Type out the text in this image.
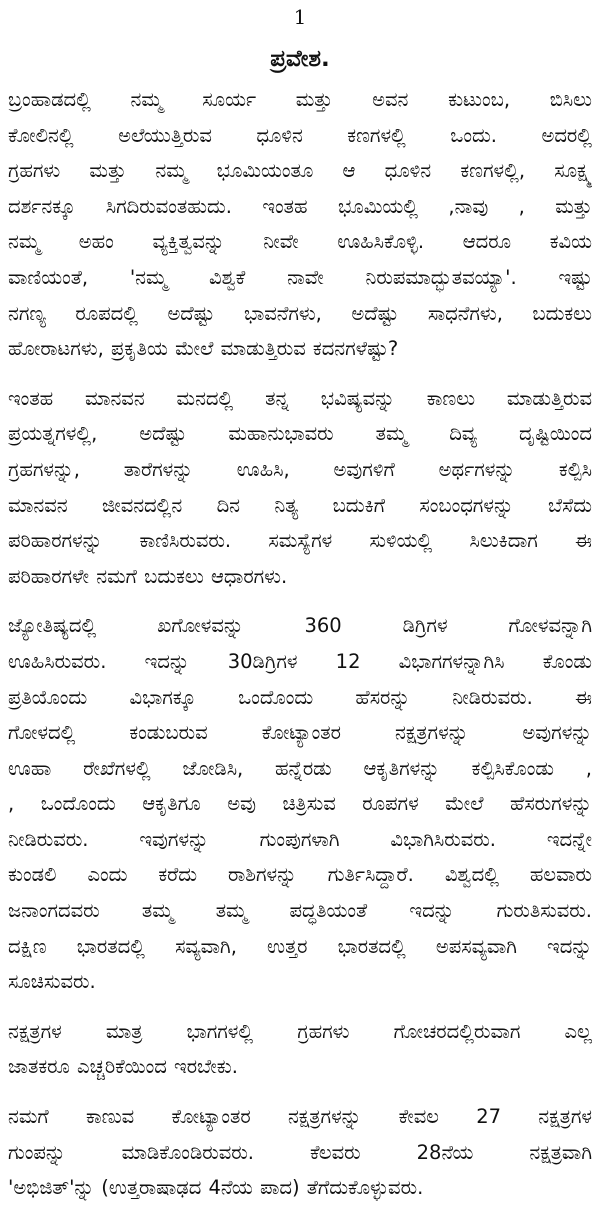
1
ಪ್ರವೇಶ.
ಬ್ರಂಹಾಡದಲ್ಲಿ ನಮ್ಮ ಸೂರ್ಯ ಮತ್ತು ಅವನ ಕುಟುಂಬ, ಬಿಸಿಲು
ಕೋಲಿನಲ್ಲಿ ಅಲೆಯುತ್ತಿರುವ ಧೂಳಿನ ಕಣಗಳಲ್ಲಿ ಒಂದು. ಅದರಲ್ಲಿ
ಗ್ರಹಗಳು ಮತ್ತು ನಮ್ಮ ಭೂಮಿಯಂತೂ ಆ ಧೂಳಿನ ಕಣಗಳಲ್ಲಿ, ಸೂಕ್ಷ್ಮ
ದರ್ಶನಕ್ಕೂ ಸಿಗದಿರುವಂತಹುದು. ಇಂತಹ ಭೂಮಿಯಲ್ಲಿ ,ನಾವು , ಮತ್ತು
ನಮ್ಮ ಅಹಂ ವ್ಯಕ್ತಿತ್ವವನ್ನು ನೀವೇ ಊಹಿಸಿಕೊಳ್ಳಿ. ಆದರೂ ಕವಿಯ
ವಾಣಿಯಂತೆ, 'ನಮ್ಮ ವಿಶ್ವಕೆ ನಾವೇ ನಿರುಪಮಾದ್ಭುತವಯ್ಯಾ'. ಇಷ್ಟು
ನಗಣ್ಯ ರೂಪದಲ್ಲಿ ಅದೆಷ್ಟು ಭಾವನೆಗಳು, ಅದೆಷ್ಟು ಸಾಧನೆಗಳು, ಬದುಕಲು
ಹೋರಾಟಗಳು, ಪ್ರಕೃತಿಯ ಮೇಲೆ ಮಾಡುತ್ತಿರುವ ಕದನಗಳೆಷ್ಟು?
ಇಂತಹ ಮಾನವನ ಮನದಲ್ಲಿ ತನ್ನ ಭವಿಷ್ಯವನ್ನು ಕಾಣಲು ಮಾಡುತ್ತಿರುವ
ಪ್ರಯತ್ನಗಳಲ್ಲಿ, ಅದೆಷ್ಟು ಮಹಾನುಭಾವರು ತಮ್ಮ ದಿವ್ಯ ದೃಷ್ಟಿಯಿಂದ
ಗ್ರಹಗಳನ್ನು, ತಾರೆಗಳನ್ನು ಊಹಿಸಿ, ಅವುಗಳಿಗೆ ಅರ್ಥಗಳನ್ನು ಕಲ್ಪಿಸಿ
ಮಾನವನ ಜೀವನದಲ್ಲಿನ ದಿನ ನಿತ್ಯ ಬದುಕಿಗೆ ಸಂಬಂಧಗಳನ್ನು ಬೆಸೆದು
ಪರಿಹಾರಗಳನ್ನು ಕಾಣಿಸಿರುವರು. ಸಮಸ್ಯೆಗಳ ಸುಳಿಯಲ್ಲಿ ಸಿಲುಕಿದಾಗ ಈ
ಪರಿಹಾರಗಳೇ ನಮಗೆ ಬದುಕಲು ಆಧಾರಗಳು.
ಜ್ಯೋತಿಷ್ಯದಲ್ಲಿ ಖಗೋಳವನ್ನು 360 ಡಿಗ್ರಿಗಳ ಗೋಳವನ್ನಾಗಿ
ಊಹಿಸಿರುವರು. ಇದನ್ನು 30ಡಿಗ್ರಿಗಳ 12 ವಿಭಾಗಗಳನ್ನಾಗಿಸಿ ಕೊಂಡು
ಪ್ರತಿಯೊಂದು ವಿಭಾಗಕ್ಕೂ ಒಂದೊಂದು ಹೆಸರನ್ನು ನೀಡಿರುವರು. ಈ
ಗೋಳದಲ್ಲಿ ಕಂಡುಬರುವ ಕೋಟ್ಯಾಂತರ ನಕ್ಷತ್ರಗಳನ್ನು ಅವುಗಳನ್ನು
ಊಹಾ ರೇಖೆಗಳಲ್ಲಿ ಜೋಡಿಸಿ, ಹನ್ನೆರಡು ಆಕೃತಿಗಳನ್ನು ಕಲ್ಪಿಸಿಕೊಂಡು ,
, ಒಂದೊಂದು ಆಕೃತಿಗೂ ಅವು ಚಿತ್ರಿಸುವ ರೂಪಗಳ ಮೇಲೆ ಹೆಸರುಗಳನ್ನು
ನೀಡಿರುವರು. ಇವುಗಳನ್ನು ಗುಂಪುಗಳಾಗಿ ವಿಭಾಗಿಸಿರುವರು. ಇದನ್ನೇ
ಕುಂಡಲಿ ಎಂದು ಕರೆದು ರಾಶಿಗಳನ್ನು ಗುರ್ತಿಸಿದ್ದಾರೆ. ವಿಶ್ವದಲ್ಲಿ ಹಲವಾರು
ಜನಾಂಗದವರು ತಮ್ಮ ತಮ್ಮ ಪದ್ಧತಿಯಂತೆ ಇದನ್ನು ಗುರುತಿಸುವರು.
ದಕ್ಷಿಣ ಭಾರತದಲ್ಲಿ ಸವ್ಯವಾಗಿ, ಉತ್ತರ ಭಾರತದಲ್ಲಿ ಅಪಸವ್ಯವಾಗಿ ಇದನ್ನು
ಸೂಚಿಸುವರು.
ನಕ್ಷತ್ರಗಳ ಮಾತ್ರ ಭಾಗಗಳಲ್ಲಿ ಗ್ರಹಗಳು ಗೋಚರದಲ್ಲಿರುವಾಗ ಎಲ್ಲ
ಜಾತಕರೂ ಎಚ್ಚರಿಕೆಯಿಂದ ಇರಬೇಕು.
ನಮಗೆ ಕಾಣುವ ಕೋಟ್ಯಾಂತರ ನಕ್ಷತ್ರಗಳನ್ನು ಕೇವಲ 27 ನಕ್ಷತ್ರಗಳ
ಗುಂಪನ್ನು ಮಾಡಿಕೊಂಡಿರುವರು. ಕೆಲವರು 28ನೆಯ ನಕ್ಷತ್ರವಾಗಿ
'ಅಭಿಜಿತ್'ನ್ನು (ಉತ್ತರಾಷಾಢದ 4ನೆಯ ಪಾದ) ತೆಗೆದುಕೊಳ್ಳುವರು.
